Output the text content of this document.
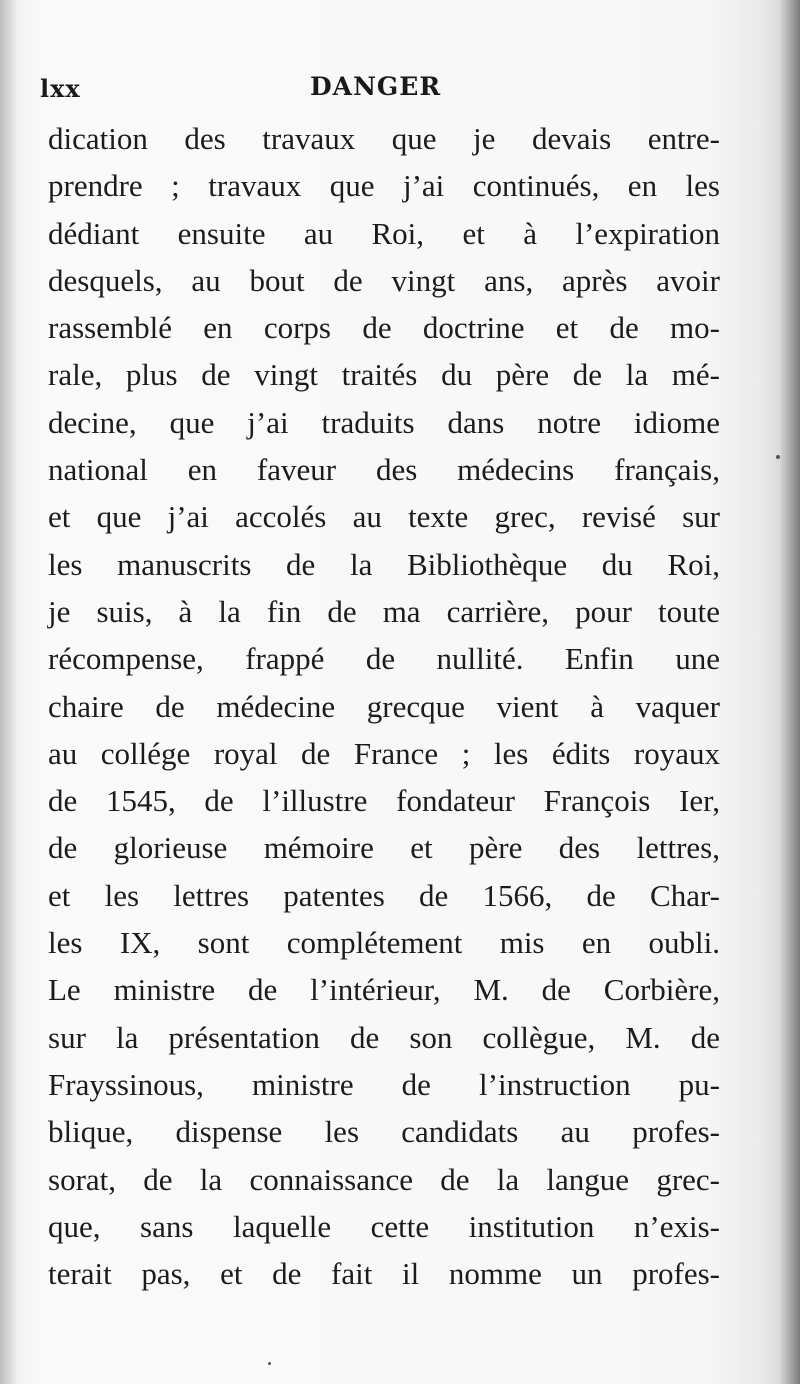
lxx	DANGER
dication des travaux que je devais entre-
prendre ; travaux que j’ai continués, en les
dédiant ensuite au Roi, et à l’expiration
desquels, au bout de vingt ans, après avoir
rassemblé en corps de doctrine et de mo-
rale, plus de vingt traités du père de la mé-
decine, que j’ai traduits dans notre idiome
national en faveur des médecins français,
et que j’ai accolés au texte grec, revisé sur
les manuscrits de la Bibliothèque du Roi,
je suis, à la fin de ma carrière, pour toute
récompense, frappé de nullité. Enfin une
chaire de médecine grecque vient à vaquer
au collége royal de France ; les édits royaux
de 1545, de l’illustre fondateur François Ier,
de glorieuse mémoire et père des lettres,
et les lettres patentes de 1566, de Char-
les IX, sont complétement mis en oubli.
Le ministre de l’intérieur, M. de Corbière,
sur la présentation de son collègue, M. de
Frayssinous, ministre de l’instruction pu-
blique, dispense les candidats au profes-
sorat, de la connaissance de la langue grec-
que, sans laquelle cette institution n’exis-
terait pas, et de fait il nomme un profes-
